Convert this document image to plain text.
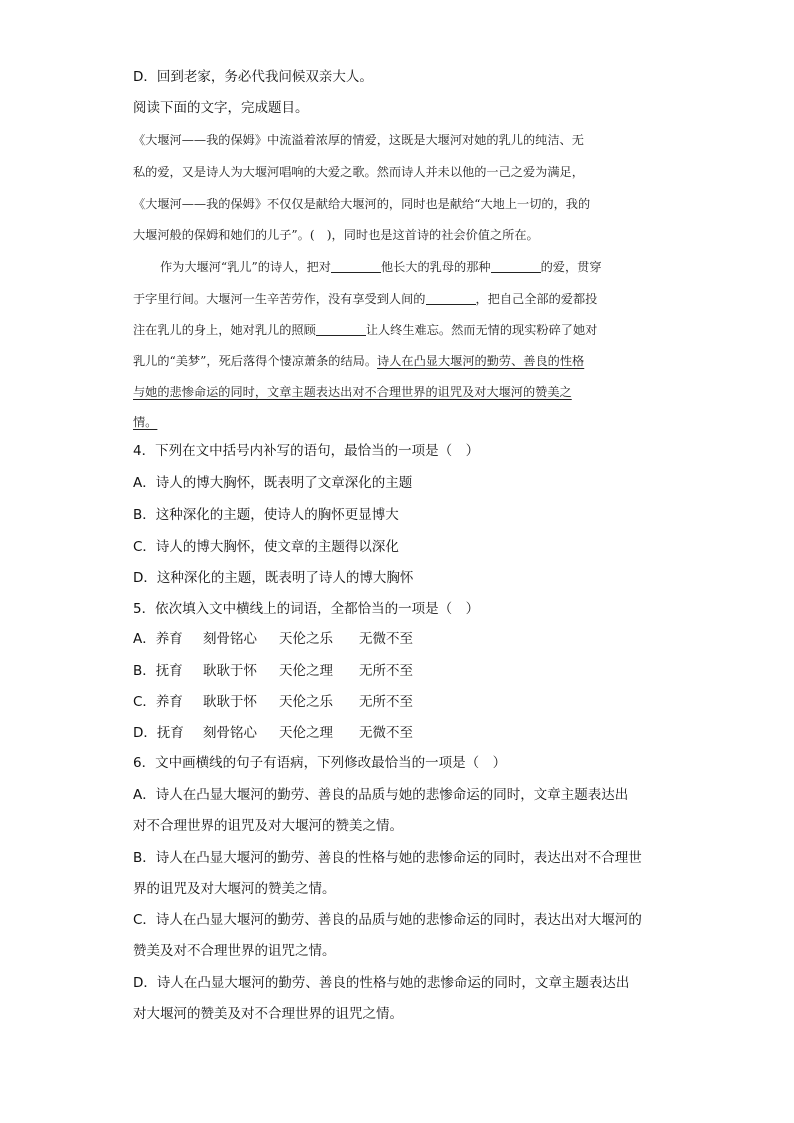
D．回到老家，务必代我问候双亲大人。
阅读下面的文字，完成题目。
《大堰河——我的保姆》中流溢着浓厚的情爱，这既是大堰河对她的乳儿的纯洁、无
私的爱，又是诗人为大堰河唱响的大爱之歌。然而诗人并未以他的一己之爱为满足，
《大堰河——我的保姆》不仅仅是献给大堰河的，同时也是献给“大地上一切的，我的
大堰河般的保姆和她们的儿子”。(　)，同时也是这首诗的社会价值之所在。
作为大堰河“乳儿”的诗人，把对	他长大的乳母的那种	的爱，贯穿
于字里行间。大堰河一生辛苦劳作，没有享受到人间的	，把自己全部的爱都投
注在乳儿的身上，她对乳儿的照顾	让人终生难忘。然而无情的现实粉碎了她对
乳儿的“美梦”，死后落得个悽凉萧条的结局。诗人在凸显大堰河的勤劳、善良的性格
与她的悲惨命运的同时，文章主题表达出对不合理世界的诅咒及对大堰河的赞美之
情。
4．下列在文中括号内补写的语句，最恰当的一项是（　）
A．诗人的博大胸怀，既表明了文章深化的主题
B．这种深化的主题，使诗人的胸怀更显博大
C．诗人的博大胸怀，使文章的主题得以深化
D．这种深化的主题，既表明了诗人的博大胸怀
5．依次填入文中横线上的词语，全都恰当的一项是（　）
A．养育 刻骨铭心 天伦之乐 无微不至
B．抚育 耿耿于怀 天伦之理 无所不至
C．养育 耿耿于怀 天伦之乐 无所不至
D．抚育 刻骨铭心 天伦之理 无微不至
6．文中画横线的句子有语病，下列修改最恰当的一项是（　）
A．诗人在凸显大堰河的勤劳、善良的品质与她的悲惨命运的同时，文章主题表达出
对不合理世界的诅咒及对大堰河的赞美之情。
B．诗人在凸显大堰河的勤劳、善良的性格与她的悲惨命运的同时，表达出对不合理世
界的诅咒及对大堰河的赞美之情。
C．诗人在凸显大堰河的勤劳、善良的品质与她的悲惨命运的同时，表达出对大堰河的
赞美及对不合理世界的诅咒之情。
D．诗人在凸显大堰河的勤劳、善良的性格与她的悲惨命运的同时，文章主题表达出
对大堰河的赞美及对不合理世界的诅咒之情。
